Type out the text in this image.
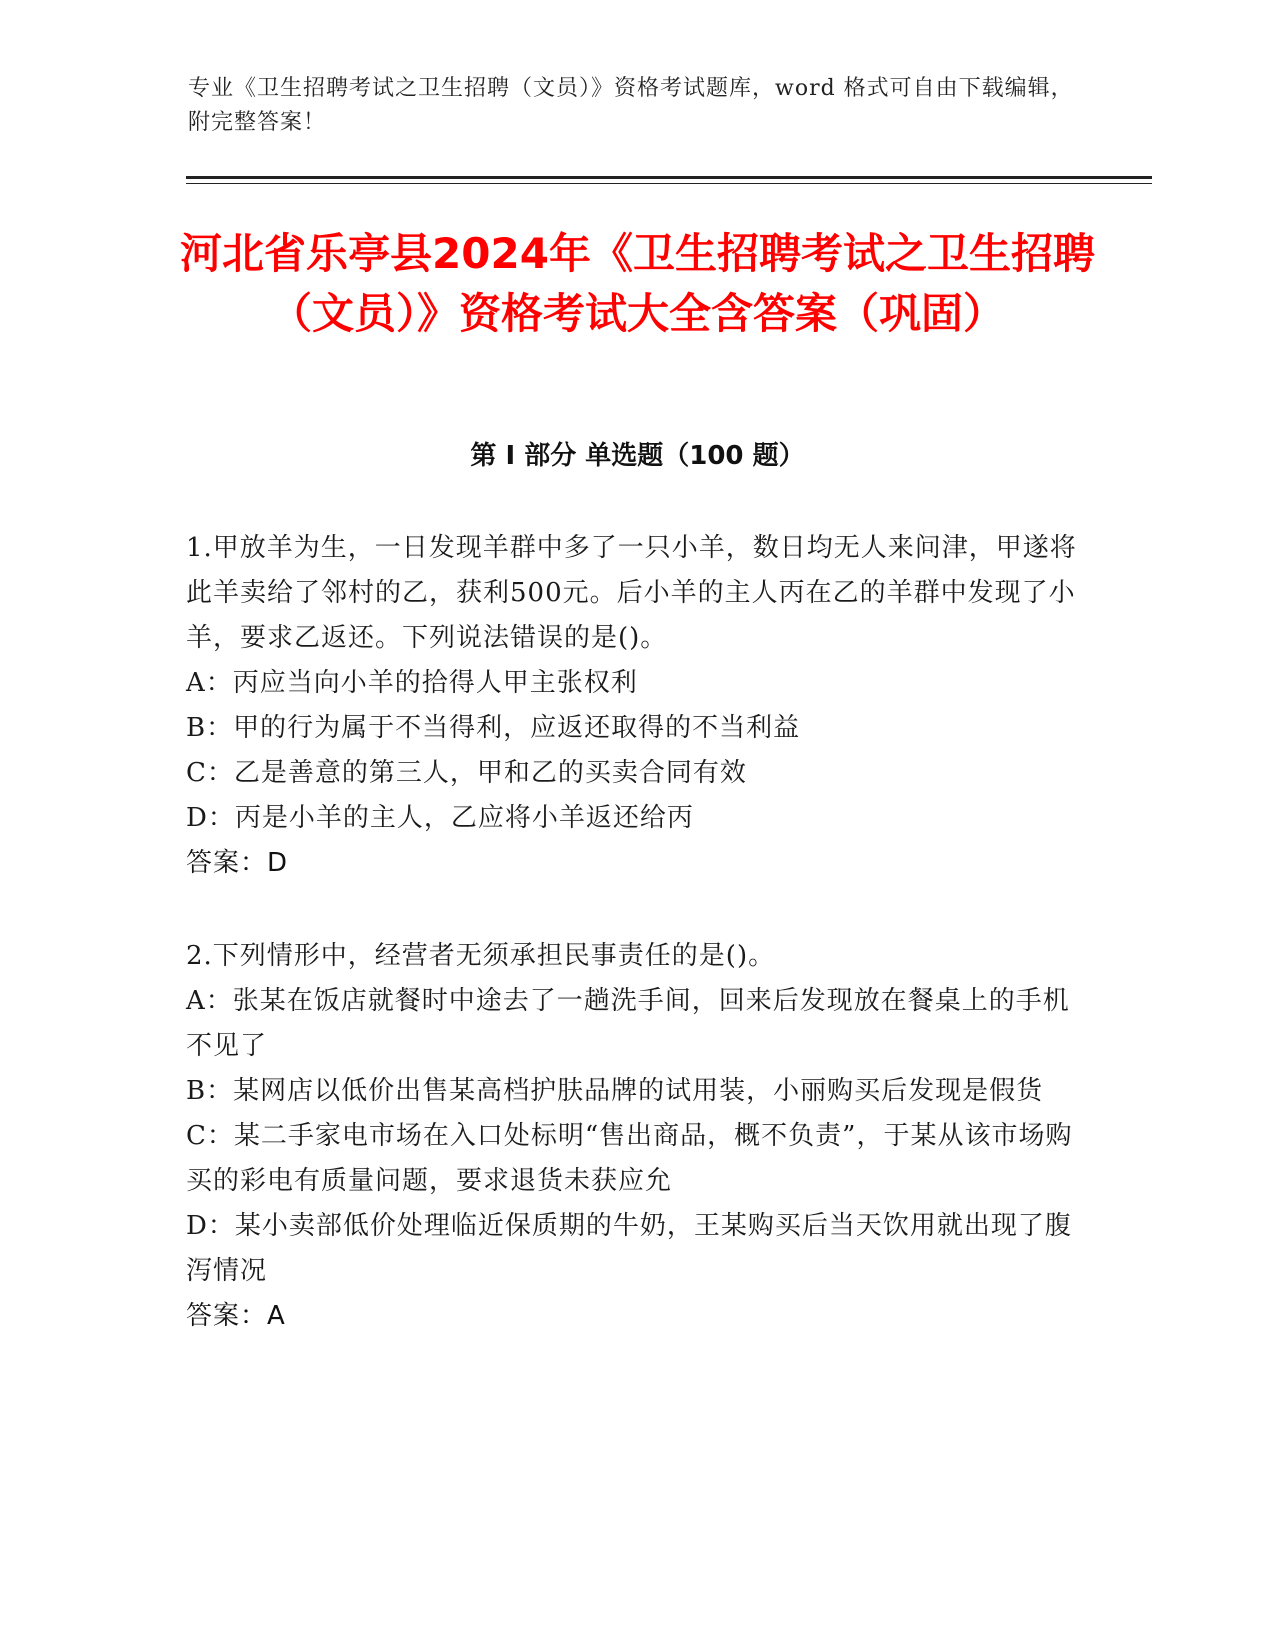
专业《卫生招聘考试之卫生招聘（文员）》资格考试题库，word 格式可自由下载编辑，附完整答案！
河北省乐亭县2024年《卫生招聘考试之卫生招聘（文员）》资格考试大全含答案（巩固）
第 I 部分 单选题（100 题）

1.甲放羊为生，一日发现羊群中多了一只小羊，数日均无人来问津，甲遂将此羊卖给了邻村的乙，获利500元。后小羊的主人丙在乙的羊群中发现了小羊，要求乙返还。下列说法错误的是()。

A：丙应当向小羊的拾得人甲主张权利

B：甲的行为属于不当得利，应返还取得的不当利益

C：乙是善意的第三人，甲和乙的买卖合同有效

D：丙是小羊的主人，乙应将小羊返还给丙

答案：D

2.下列情形中，经营者无须承担民事责任的是()。

A：张某在饭店就餐时中途去了一趟洗手间，回来后发现放在餐桌上的手机不见了

B：某网店以低价出售某高档护肤品牌的试用装，小丽购买后发现是假货

C：某二手家电市场在入口处标明“售出商品，概不负责”，于某从该市场购买的彩电有质量问题，要求退货未获应允

D：某小卖部低价处理临近保质期的牛奶，王某购买后当天饮用就出现了腹泻情况

答案：A
